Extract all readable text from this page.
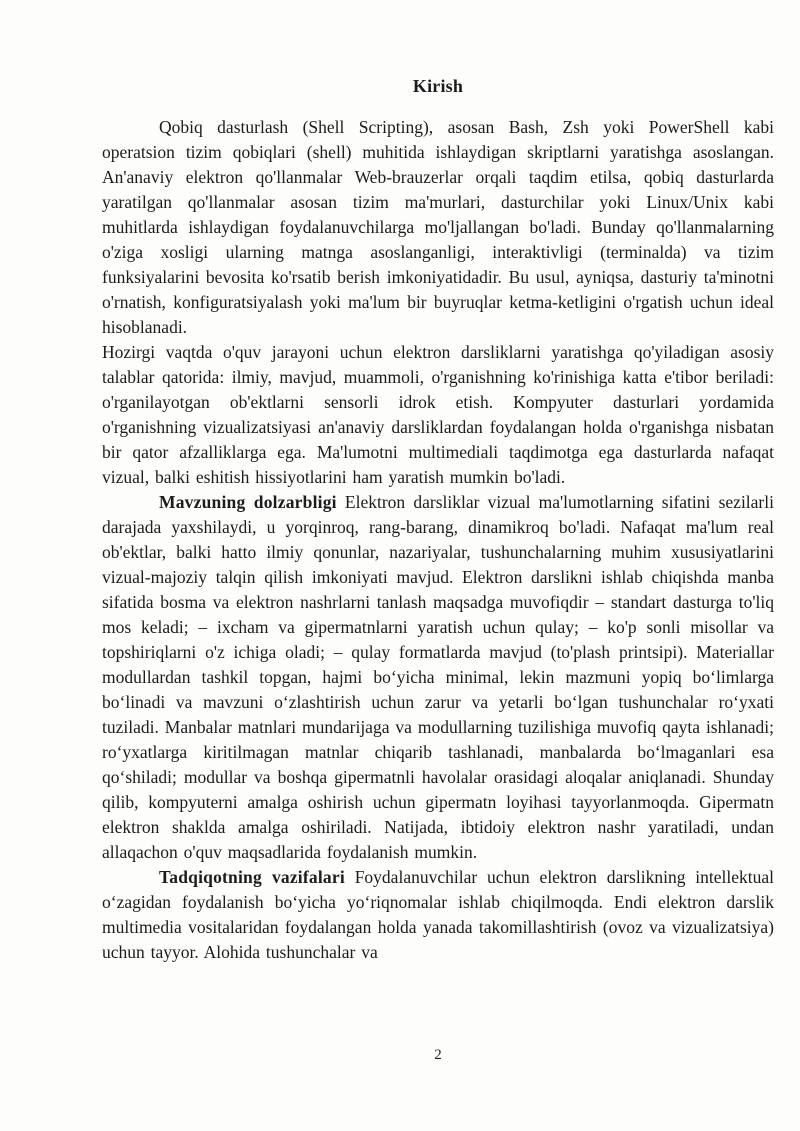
Kirish

Qobiq dasturlash (Shell Scripting), asosan Bash, Zsh yoki PowerShell kabi operatsion tizim qobiqlari (shell) muhitida ishlaydigan skriptlarni yaratishga asoslangan. An'anaviy elektron qo'llanmalar Web-brauzerlar orqali taqdim etilsa, qobiq dasturlarda yaratilgan qo'llanmalar asosan tizim ma'murlari, dasturchilar yoki Linux/Unix kabi muhitlarda ishlaydigan foydalanuvchilarga mo'ljallangan bo'ladi. Bunday qo'llanmalarning o'ziga xosligi ularning matnga asoslanganligi, interaktivligi (terminalda) va tizim funksiyalarini bevosita ko'rsatib berish imkoniyatidadir. Bu usul, ayniqsa, dasturiy ta'minotni o'rnatish, konfiguratsiyalash yoki ma'lum bir buyruqlar ketma-ketligini o'rgatish uchun ideal hisoblanadi.

Hozirgi vaqtda o'quv jarayoni uchun elektron darsliklarni yaratishga qo'yiladigan asosiy talablar qatorida: ilmiy, mavjud, muammoli, o'rganishning ko'rinishiga katta e'tibor beriladi: o'rganilayotgan ob'ektlarni sensorli idrok etish. Kompyuter dasturlari yordamida o'rganishning vizualizatsiyasi an'anaviy darsliklardan foydalangan holda o'rganishga nisbatan bir qator afzalliklarga ega. Ma'lumotni multimediali taqdimotga ega dasturlarda nafaqat vizual, balki eshitish hissiyotlarini ham yaratish mumkin bo'ladi.

Mavzuning dolzarbligi Elektron darsliklar vizual ma'lumotlarning sifatini sezilarli darajada yaxshilaydi, u yorqinroq, rang-barang, dinamikroq bo'ladi. Nafaqat ma'lum real ob'ektlar, balki hatto ilmiy qonunlar, nazariyalar, tushunchalarning muhim xususiyatlarini vizual-majoziy talqin qilish imkoniyati mavjud. Elektron darslikni ishlab chiqishda manba sifatida bosma va elektron nashrlarni tanlash maqsadga muvofiqdir – standart dasturga to'liq mos keladi; – ixcham va gipermatnlarni yaratish uchun qulay; – ko'p sonli misollar va topshiriqlarni o'z ichiga oladi; – qulay formatlarda mavjud (to'plash printsipi). Materiallar modullardan tashkil topgan, hajmi bo‘yicha minimal, lekin mazmuni yopiq bo‘limlarga bo‘linadi va mavzuni o‘zlashtirish uchun zarur va yetarli bo‘lgan tushunchalar ro‘yxati tuziladi. Manbalar matnlari mundarijaga va modullarning tuzilishiga muvofiq qayta ishlanadi; ro‘yxatlarga kiritilmagan matnlar chiqarib tashlanadi, manbalarda bo‘lmaganlari esa qo‘shiladi; modullar va boshqa gipermatnli havolalar orasidagi aloqalar aniqlanadi. Shunday qilib, kompyuterni amalga oshirish uchun gipermatn loyihasi tayyorlanmoqda. Gipermatn elektron shaklda amalga oshiriladi. Natijada, ibtidoiy elektron nashr yaratiladi, undan allaqachon o'quv maqsadlarida foydalanish mumkin.

Tadqiqotning vazifalari Foydalanuvchilar uchun elektron darslikning intellektual o‘zagidan foydalanish bo‘yicha yo‘riqnomalar ishlab chiqilmoqda. Endi elektron darslik multimedia vositalaridan foydalangan holda yanada takomillashtirish (ovoz va vizualizatsiya) uchun tayyor. Alohida tushunchalar va

2
